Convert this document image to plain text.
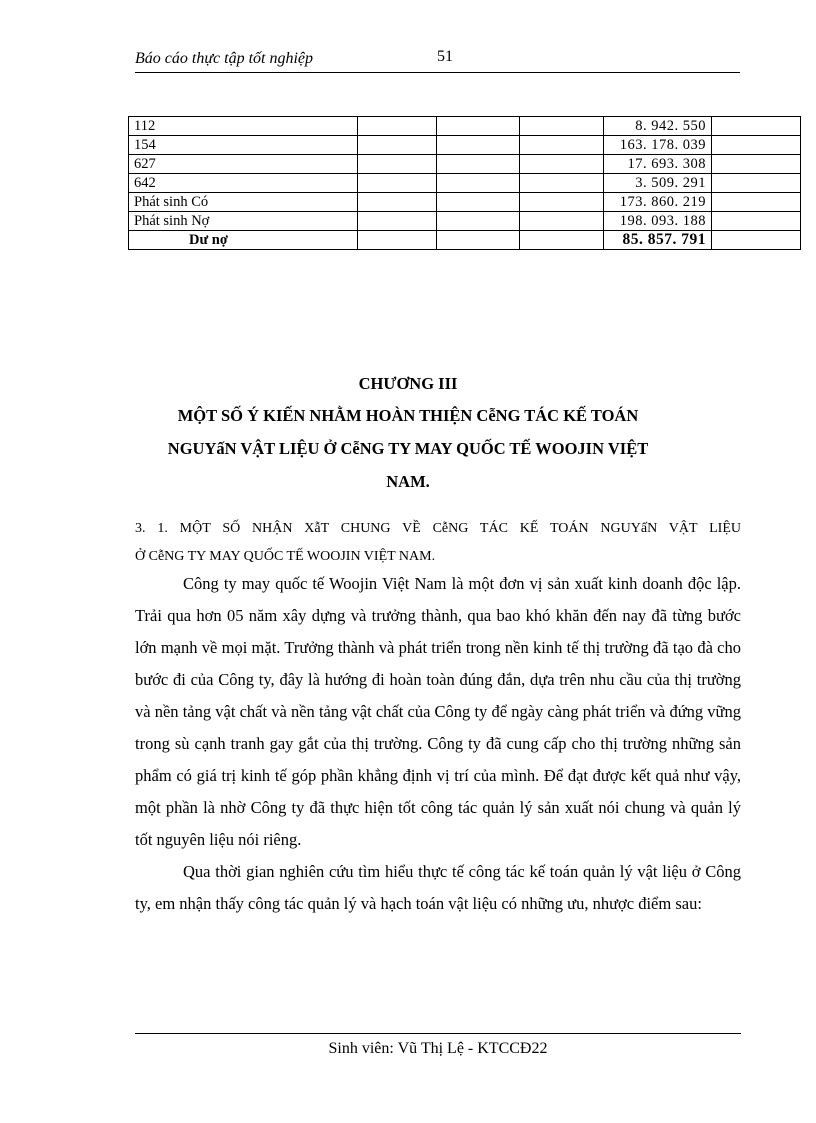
Báo cáo thực tập tốt nghiệp	51
112				8. 942. 550	
154				163. 178. 039	
627				17. 693. 308	
642				3. 509. 291	
Phát sinh Có				173. 860. 219	
Phát sinh Nợ				198. 093. 188	
Dư nợ				85. 857. 791	
CHƯƠNG III
MỘT SỐ Ý KIẾN NHẰM HOÀN THIỆN CễNG TÁC KẾ TOÁN
NGUYấN VẬT LIỆU Ở CễNG TY MAY QUỐC TẾ WOOJIN VIỆT
NAM.
3. 1. MỘT SỐ NHẬN XẫT CHUNG VỀ CễNG TÁC KẾ TOÁN NGUYấN VẬT LIỆU
Ở CễNG TY MAY QUỐC TẾ WOOJIN VIỆT NAM.

Công ty may quốc tế Woojin Việt Nam là một đơn vị sản xuất kinh doanh độc lập. Trải qua hơn 05 năm xây dựng và trưởng thành, qua bao khó khăn đến nay đã từng bước lớn mạnh về mọi mặt. Trưởng thành và phát triển trong nền kinh tế thị trường đã tạo đà cho bước đi của Công ty, đây là hướng đi hoàn toàn đúng đắn, dựa trên nhu cầu của thị trường và nền tảng vật chất và nền tảng vật chất của Công ty để ngày càng phát triển và đứng vững trong sù cạnh tranh gay gắt của thị trường. Công ty đã cung cấp cho thị trường những sản phẩm có giá trị kinh tế góp phần khẳng định vị trí của mình. Để đạt được kết quả như vậy, một phần là nhờ Công ty đã thực hiện tốt công tác quản lý sản xuất nói chung và quản lý tốt nguyên liệu nói riêng.

Qua thời gian nghiên cứu tìm hiểu thực tế công tác kế toán quản lý vật liệu ở Công ty, em nhận thấy công tác quản lý và hạch toán vật liệu có những ưu, nhược điểm sau:

Sinh viên: Vũ Thị Lệ - KTCCĐ22
